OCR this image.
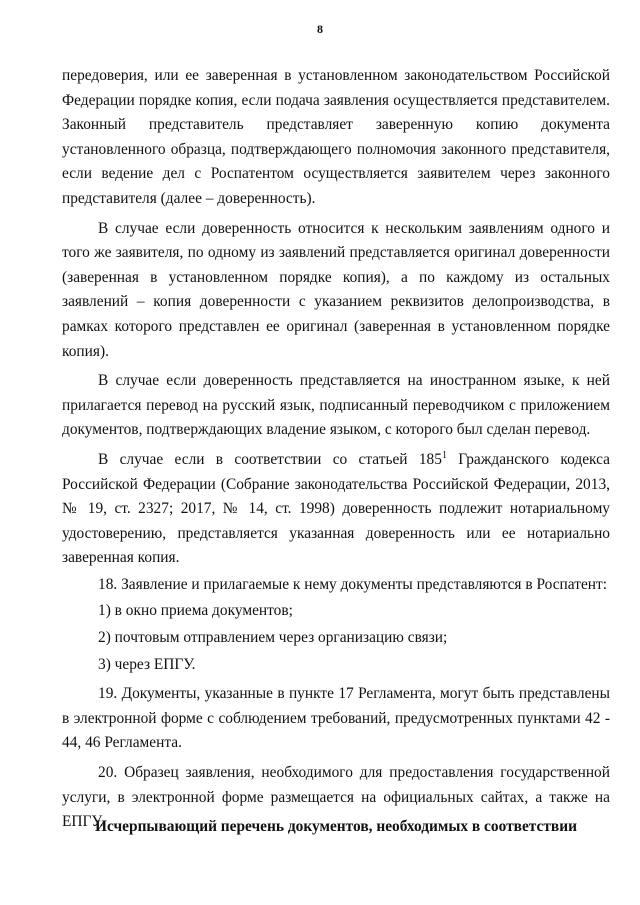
8

передоверия, или ее заверенная в установленном законодательством Российской Федерации порядке копия, если подача заявления осуществляется представителем. Законный представитель представляет заверенную копию документа установленного образца, подтверждающего полномочия законного представителя, если ведение дел с Роспатентом осуществляется заявителем через законного представителя (далее – доверенность).

В случае если доверенность относится к нескольким заявлениям одного и того же заявителя, по одному из заявлений представляется оригинал доверенности (заверенная в установленном порядке копия), а по каждому из остальных заявлений – копия доверенности с указанием реквизитов делопроизводства, в рамках которого представлен ее оригинал (заверенная в установленном порядке копия).

В случае если доверенность представляется на иностранном языке, к ней прилагается перевод на русский язык, подписанный переводчиком с приложением документов, подтверждающих владение языком, с которого был сделан перевод.

В случае если в соответствии со статьей $185^1$ Гражданского кодекса Российской Федерации (Собрание законодательства Российской Федерации, 2013, № 19, ст. 2327; 2017, № 14, ст. 1998) доверенность подлежит нотариальному удостоверению, представляется указанная доверенность или ее нотариально заверенная копия.

18. Заявление и прилагаемые к нему документы представляются в Роспатент:

1) в окно приема документов;

2) почтовым отправлением через организацию связи;

3) через ЕПГУ.

19. Документы, указанные в пункте 17 Регламента, могут быть представлены в электронной форме с соблюдением требований, предусмотренных пунктами 42 - 44, 46 Регламента.

20. Образец заявления, необходимого для предоставления государственной услуги, в электронной форме размещается на официальных сайтах, а также на ЕПГУ.

Исчерпывающий перечень документов, необходимых в соответствии
